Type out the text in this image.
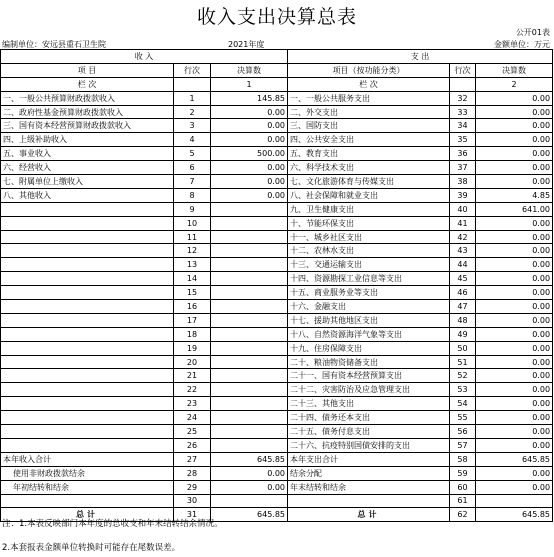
收入支出决算总表
公开01表
编制单位：安远县重石卫生院	2021年度	金额单位：万元
收 入			支 出		
项 目	行次	决算数	项目（按功能分类）	行次	决算数
栏 次		1	栏 次		2
一、一般公共预算财政拨款收入	1	145.85	一、一般公共服务支出	32	0.00
二、政府性基金预算财政拨款收入	2	0.00	二、外交支出	33	0.00
三、国有资本经营预算财政拨款收入	3	0.00	三、国防支出	34	0.00
四、上级补助收入	4	0.00	四、公共安全支出	35	0.00
五、事业收入	5	500.00	五、教育支出	36	0.00
六、经营收入	6	0.00	六、科学技术支出	37	0.00
七、附属单位上缴收入	7	0.00	七、文化旅游体育与传媒支出	38	0.00
八、其他收入	8	0.00	八、社会保障和就业支出	39	4.85
	9		九、卫生健康支出	40	641.00
	10		十、节能环保支出	41	0.00
	11		十一、城乡社区支出	42	0.00
	12		十二、农林水支出	43	0.00
	13		十三、交通运输支出	44	0.00
	14		十四、资源勘探工业信息等支出	45	0.00
	15		十五、商业服务业等支出	46	0.00
	16		十六、金融支出	47	0.00
	17		十七、援助其他地区支出	48	0.00
	18		十八、自然资源海洋气象等支出	49	0.00
	19		十九、住房保障支出	50	0.00
	20		二十、粮油物资储备支出	51	0.00
	21		二十一、国有资本经营预算支出	52	0.00
	22		二十二、灾害防治及应急管理支出	53	0.00
	23		二十三、其他支出	54	0.00
	24		二十四、债务还本支出	55	0.00
	25		二十五、债务付息支出	56	0.00
	26		二十六、抗疫特别国债安排的支出	57	0.00
本年收入合计	27	645.85	本年支出合计	58	645.85
使用非财政拨款结余	28	0.00	结余分配	59	0.00
年初结转和结余	29	0.00	年末结转和结余	60	0.00
	30			61	
总计	31	645.85	总计	62	645.85
注：1.本表反映部门本年度的总收支和年末结转结余情况。
2.本套报表金额单位转换时可能存在尾数误差。
